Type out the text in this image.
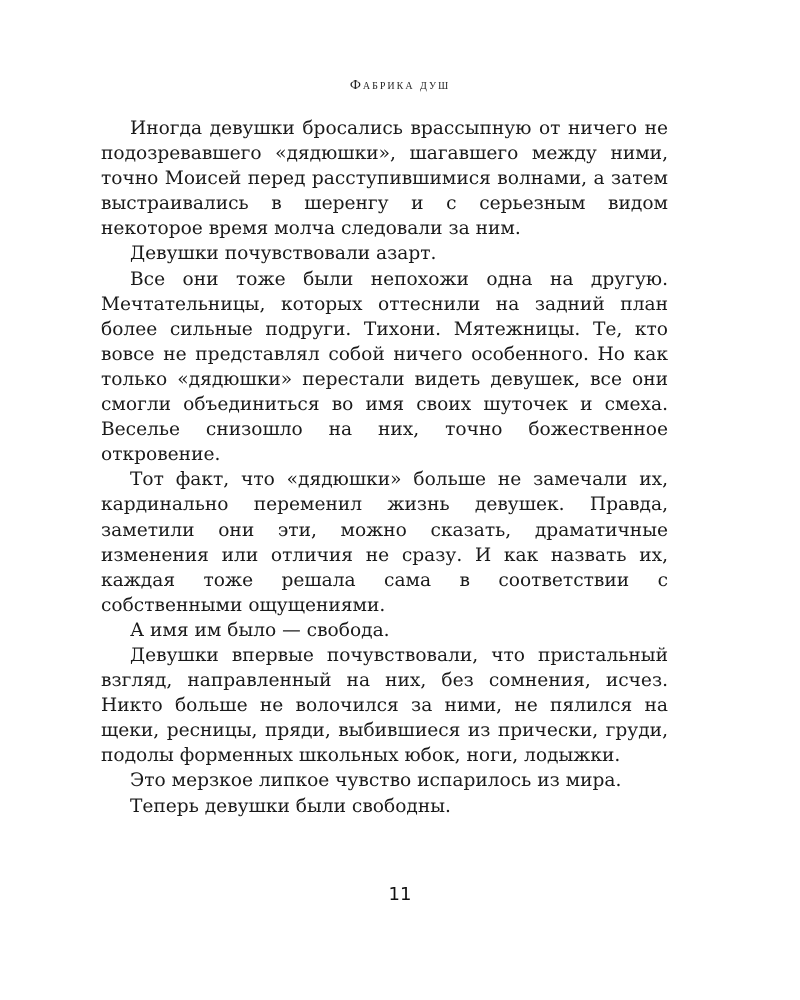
Фабрика душ

Иногда девушки бросались врассыпную от ничего не подозревавшего «дядюшки», шагавшего между ними, точно Моисей перед расступившимися волнами, а затем выстраивались в шеренгу и с серьезным видом некоторое время молча следовали за ним.

Девушки почувствовали азарт.

Все они тоже были непохожи одна на другую. Мечтательницы, которых оттеснили на задний план более сильные подруги. Тихони. Мятежницы. Те, кто вовсе не представлял собой ничего особенного. Но как только «дядюшки» перестали видеть девушек, все они смогли объединиться во имя своих шуточек и смеха. Веселье снизошло на них, точно божественное откровение.

Тот факт, что «дядюшки» больше не замечали их, кардинально переменил жизнь девушек. Правда, заметили они эти, можно сказать, драматичные изменения или отличия не сразу. И как назвать их, каждая тоже решала сама в соответствии с собственными ощущениями.

А имя им было — свобода.

Девушки впервые почувствовали, что пристальный взгляд, направленный на них, без сомнения, исчез. Никто больше не волочился за ними, не пялился на щеки, ресницы, пряди, выбившиеся из прически, груди, подолы форменных школьных юбок, ноги, лодыжки.

Это мерзкое липкое чувство испарилось из мира.

Теперь девушки были свободны.

11
